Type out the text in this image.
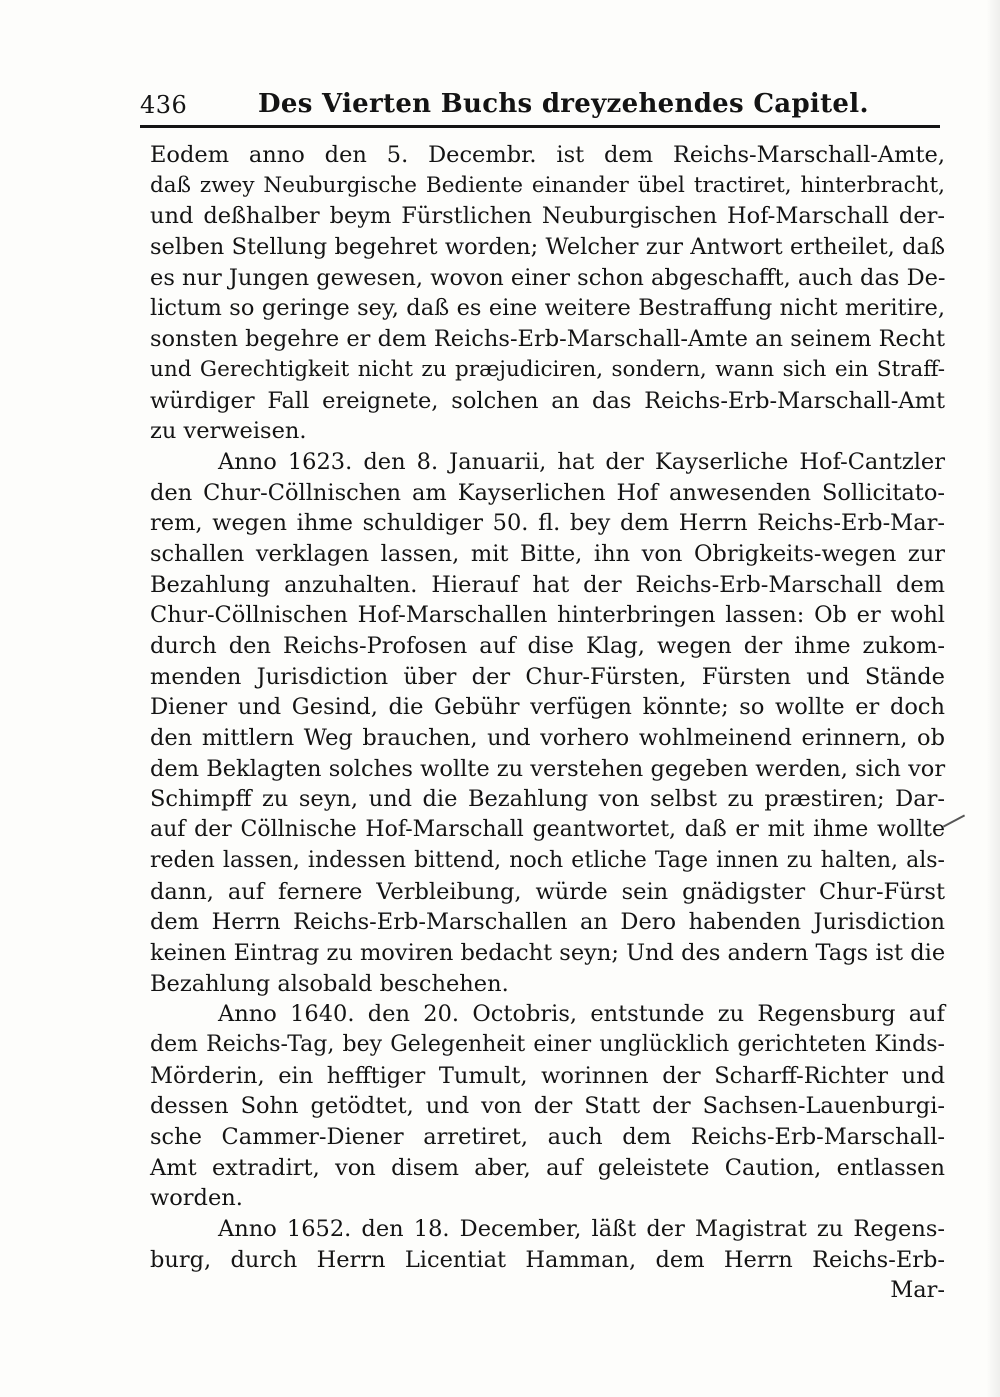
436	Des Vierten Buchs dreyzehendes Capitel.
Eodem anno den 5. Decembr. ist dem Reichs-Marschall-Amte,
daß zwey Neuburgische Bediente einander übel tractiret, hinterbracht,
und deßhalber beym Fürstlichen Neuburgischen Hof-Marschall der-
selben Stellung begehret worden; Welcher zur Antwort ertheilet, daß
es nur Jungen gewesen, wovon einer schon abgeschafft, auch das De-
lictum so geringe sey, daß es eine weitere Bestraffung nicht meritire,
sonsten begehre er dem Reichs-Erb-Marschall-Amte an seinem Recht
und Gerechtigkeit nicht zu præjudiciren, sondern, wann sich ein Straff-
würdiger Fall ereignete, solchen an das Reichs-Erb-Marschall-Amt
zu verweisen.
Anno 1623. den 8. Januarii, hat der Kayserliche Hof-Cantzler
den Chur-Cöllnischen am Kayserlichen Hof anwesenden Sollicitato-
rem, wegen ihme schuldiger 50. fl. bey dem Herrn Reichs-Erb-Mar-
schallen verklagen lassen, mit Bitte, ihn von Obrigkeits-wegen zur
Bezahlung anzuhalten. Hierauf hat der Reichs-Erb-Marschall dem
Chur-Cöllnischen Hof-Marschallen hinterbringen lassen: Ob er wohl
durch den Reichs-Profosen auf dise Klag, wegen der ihme zukom-
menden Jurisdiction über der Chur-Fürsten, Fürsten und Stände
Diener und Gesind, die Gebühr verfügen könnte; so wollte er doch
den mittlern Weg brauchen, und vorhero wohlmeinend erinnern, ob
dem Beklagten solches wollte zu verstehen gegeben werden, sich vor
Schimpff zu seyn, und die Bezahlung von selbst zu præstiren; Dar-
auf der Cöllnische Hof-Marschall geantwortet, daß er mit ihme wollte
reden lassen, indessen bittend, noch etliche Tage innen zu halten, als-
dann, auf fernere Verbleibung, würde sein gnädigster Chur-Fürst
dem Herrn Reichs-Erb-Marschallen an Dero habenden Jurisdiction
keinen Eintrag zu moviren bedacht seyn; Und des andern Tags ist die
Bezahlung alsobald beschehen.
Anno 1640. den 20. Octobris, entstunde zu Regensburg auf
dem Reichs-Tag, bey Gelegenheit einer unglücklich gerichteten Kinds-
Mörderin, ein hefftiger Tumult, worinnen der Scharff-Richter und
dessen Sohn getödtet, und von der Statt der Sachsen-Lauenburgi-
sche Cammer-Diener arretiret, auch dem Reichs-Erb-Marschall-
Amt extradirt, von disem aber, auf geleistete Caution, entlassen
worden.
Anno 1652. den 18. December, läßt der Magistrat zu Regens-
burg, durch Herrn Licentiat Hamman, dem Herrn Reichs-Erb-
Mar-
